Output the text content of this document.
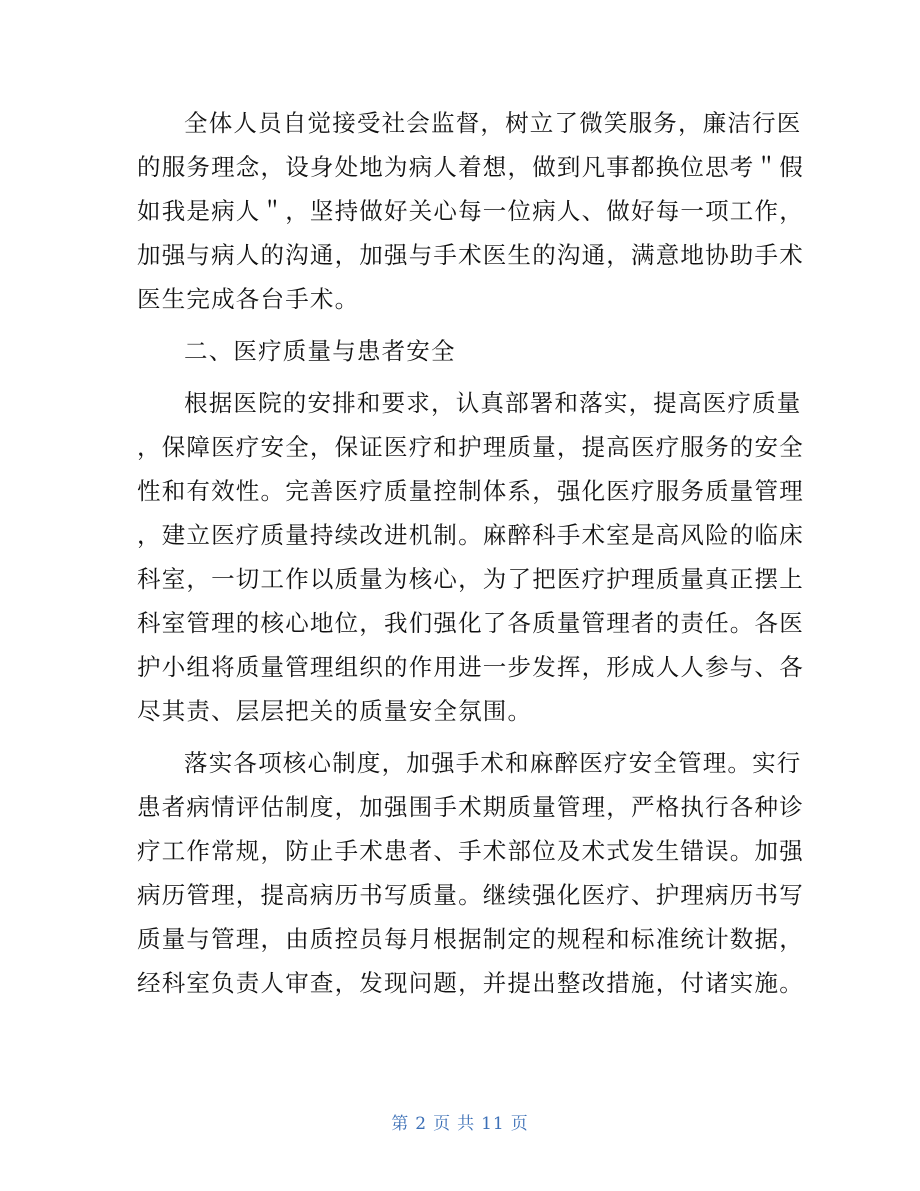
全体人员自觉接受社会监督，树立了微笑服务，廉洁行医
的服务理念，设身处地为病人着想，做到凡事都换位思考＂假
如我是病人＂，坚持做好关心每一位病人、做好每一项工作，
加强与病人的沟通，加强与手术医生的沟通，满意地协助手术
医生完成各台手术。
二、医疗质量与患者安全
根据医院的安排和要求，认真部署和落实，提高医疗质量
，保障医疗安全，保证医疗和护理质量，提高医疗服务的安全
性和有效性。完善医疗质量控制体系，强化医疗服务质量管理
，建立医疗质量持续改进机制。麻醉科手术室是高风险的临床
科室，一切工作以质量为核心，为了把医疗护理质量真正摆上
科室管理的核心地位，我们强化了各质量管理者的责任。各医
护小组将质量管理组织的作用进一步发挥，形成人人参与、各
尽其责、层层把关的质量安全氛围。
落实各项核心制度，加强手术和麻醉医疗安全管理。实行
患者病情评估制度，加强围手术期质量管理，严格执行各种诊
疗工作常规，防止手术患者、手术部位及术式发生错误。加强
病历管理，提高病历书写质量。继续强化医疗、护理病历书写
质量与管理，由质控员每月根据制定的规程和标准统计数据，
经科室负责人审查，发现问题，并提出整改措施，付诸实施。
第 2 页 共 11 页
